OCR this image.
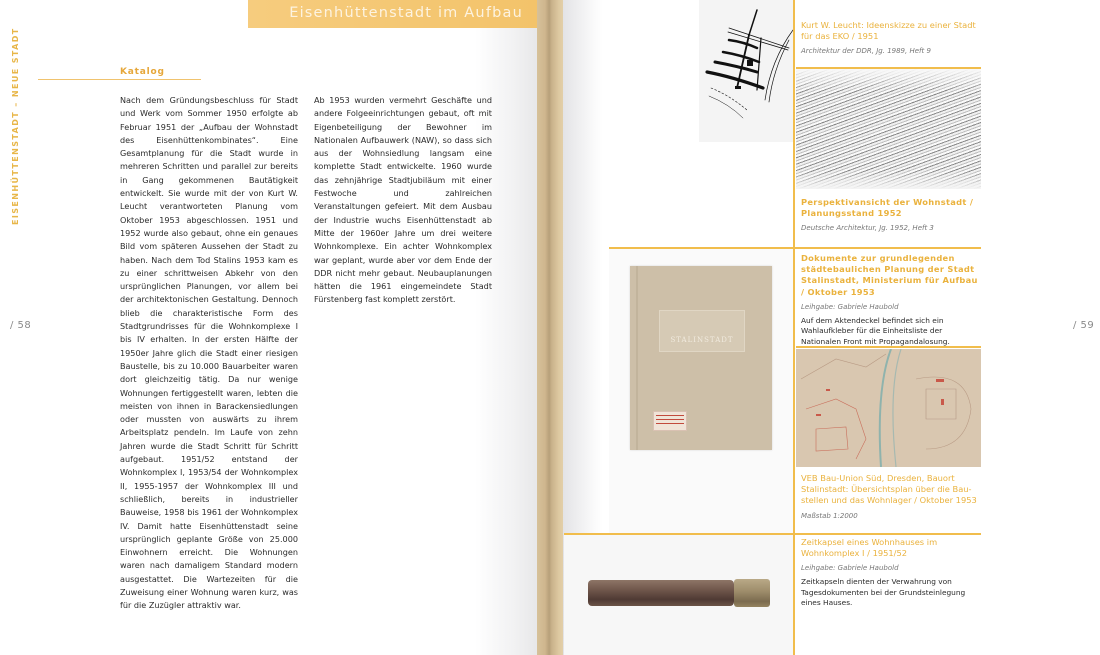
Eisenhüttenstadt im Aufbau
EISENHÜTTENSTADT – NEUE STADT
/ 58
Katalog
Nach dem Gründungsbeschluss für Stadt und Werk vom Sommer 1950 erfolgte ab Februar 1951 der „Aufbau der Wohnstadt des Eisenhüttenkombinates“. Eine Gesamtplanung für die Stadt wurde in mehreren Schritten und parallel zur bereits in Gang gekommenen Bautätigkeit entwickelt. Sie wurde mit der von Kurt W. Leucht verantworteten Planung vom Oktober 1953 abgeschlossen. 1951 und 1952 wurde also gebaut, ohne ein genaues Bild vom späteren Aussehen der Stadt zu haben. Nach dem Tod Stalins 1953 kam es zu einer schrittweisen Abkehr von den ursprünglichen Planungen, vor allem bei der architektonischen Gestaltung. Dennoch blieb die charakteristische Form des Stadtgrundrisses für die Wohnkomplexe I bis IV erhalten. In der ersten Hälfte der 1950er Jahre glich die Stadt einer riesigen Baustelle, bis zu 10.000 Bauarbeiter waren dort gleichzeitig tätig. Da nur wenige Wohnungen fertiggestellt waren, lebten die meisten von ihnen in Barackensiedlungen oder mussten von auswärts zu ihrem Arbeitsplatz pendeln. Im Laufe von zehn Jahren wurde die Stadt Schritt für Schritt aufgebaut. 1951/52 entstand der Wohnkomplex I, 1953/54 der Wohnkomplex II, 1955-1957 der Wohnkomplex III und schließlich, bereits in industrieller Bauweise, 1958 bis 1961 der Wohnkomplex IV. Damit hatte Eisenhüttenstadt seine ursprünglich geplante Größe von 25.000 Einwohnern erreicht. Die Wohnungen waren nach damaligem Standard modern ausgestattet. Die Wartezeiten für die Zuweisung einer Wohnung waren kurz, was für die Zuzügler attraktiv war.
Ab 1953 wurden vermehrt Geschäfte und andere Folgeeinrichtungen gebaut, oft mit Eigenbeteiligung der Bewohner im Nationalen Aufbauwerk (NAW), so dass sich aus der Wohnsiedlung langsam eine komplette Stadt entwickelte. 1960 wurde das zehnjährige Stadtjubiläum mit einer Festwoche und zahlreichen Veranstaltungen gefeiert. Mit dem Ausbau der Industrie wuchs Eisenhüttenstadt ab Mitte der 1960er Jahre um drei weitere Wohnkomplexe. Ein achter Wohnkomplex war geplant, wurde aber vor dem Ende der DDR nicht mehr gebaut. Neubauplanungen hätten die 1961 eingemeindete Stadt Fürstenberg fast komplett zerstört.
/ 59
STALINSTADT
Kurt W. Leucht: Ideenskizze zu einer Stadt für das EKO / 1951
Architektur der DDR, Jg. 1989, Heft 9
Perspektivansicht der Wohnstadt / Planungsstand 1952
Deutsche Architektur, Jg. 1952, Heft 3
Dokumente zur grundlegenden städtebaulichen Planung der Stadt Stalinstadt, Ministerium für Aufbau / Oktober 1953
Leihgabe: Gabriele Haubold
Auf dem Aktendeckel befindet sich ein Wahlaufkleber für die Einheitsliste der Nationalen Front mit Propagandalosung.
VEB Bau-Union Süd, Dresden, Bauort Stalinstadt: Übersichtsplan über die Baustellen und das Wohnlager / Oktober 1953
Maßstab 1:2000
Zeitkapsel eines Wohnhauses im Wohnkomplex I / 1951/52
Leihgabe: Gabriele Haubold
Zeitkapseln dienten der Verwahrung von Tagesdokumenten bei der Grundsteinlegung eines Hauses.
